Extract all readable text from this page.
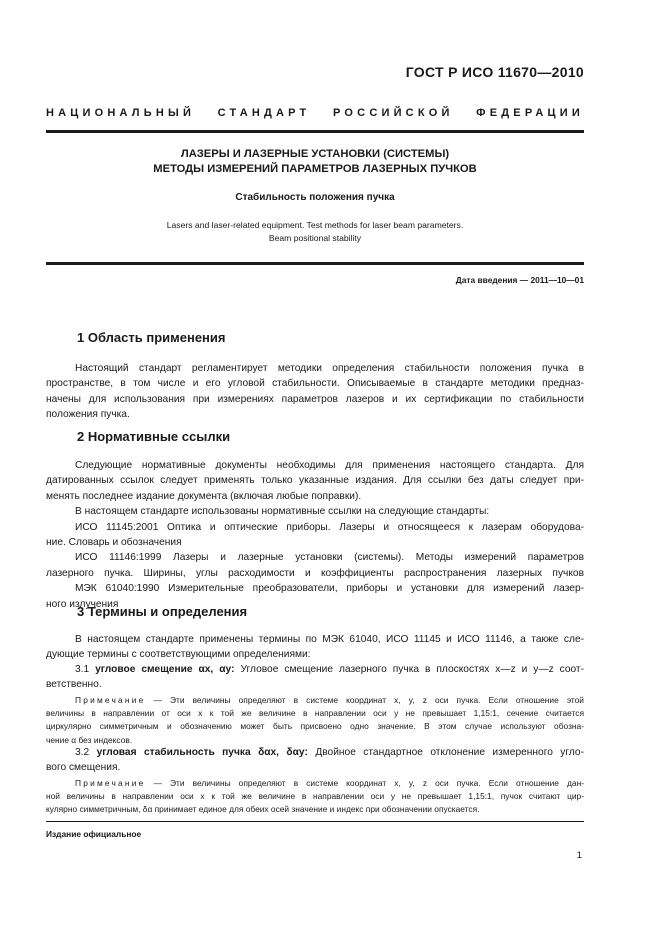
ГОСТ Р ИСО 11670—2010
НАЦИОНАЛЬНЫЙ СТАНДАРТ РОССИЙСКОЙ ФЕДЕРАЦИИ
ЛАЗЕРЫ И ЛАЗЕРНЫЕ УСТАНОВКИ (СИСТЕМЫ)
МЕТОДЫ ИЗМЕРЕНИЙ ПАРАМЕТРОВ ЛАЗЕРНЫХ ПУЧКОВ
Стабильность положения пучка
Lasers and laser-related equipment. Test methods for laser beam parameters.
Beam positional stability
Дата введения — 2011—10—01
1 Область применения
Настоящий стандарт регламентирует методики определения стабильности положения пучка в
пространстве, в том числе и его угловой стабильности. Описываемые в стандарте методики предназ-
начены для использования при измерениях параметров лазеров и их сертификации по стабильности
положения пучка.
2 Нормативные ссылки
Следующие нормативные документы необходимы для применения настоящего стандарта. Для
датированных ссылок следует применять только указанные издания. Для ссылки без даты следует при-
менять последнее издание документа (включая любые поправки).
В настоящем стандарте использованы нормативные ссылки на следующие стандарты:
ИСО 11145:2001 Оптика и оптические приборы. Лазеры и относящееся к лазерам оборудова-
ние. Словарь и обозначения
ИСО 11146:1999 Лазеры и лазерные установки (системы). Методы измерений параметров
лазерного пучка. Ширины, углы расходимости и коэффициенты распространения лазерных пучков
МЭК 61040:1990 Измерительные преобразователи, приборы и установки для измерений лазер-
ного излучения
3 Термины и определения
В настоящем стандарте применены термины по МЭК 61040, ИСО 11145 и ИСО 11146, а также сле-
дующие термины с соответствующими определениями:
3.1 угловое смещение αx, αy: Угловое смещение лазерного пучка в плоскостях x—z и y—z соот-
ветственно.
Примечание — Эти величины определяют в системе координат x, y, z оси пучка. Если отношение этой
величины в направлении от оси x к той же величине в направлении оси y не превышает 1,15:1, сечение считается
циркулярно симметричным и обозначению может быть присвоено одно значение. В этом случае используют обозна-
чение α без индексов.
3.2 угловая стабильность пучка δαx, δαy: Двойное стандартное отклонение измеренного угло-
вого смещения.
Примечание — Эти величины определяют в системе координат x, y, z оси пучка. Если отношение дан-
ной величины в направлении оси x к той же величине в направлении оси y не превышает 1,15:1, пучок считают цир-
кулярно симметричным, δα принимает единое для обеих осей значение и индекс при обозначении опускается.
Издание официальное
1
